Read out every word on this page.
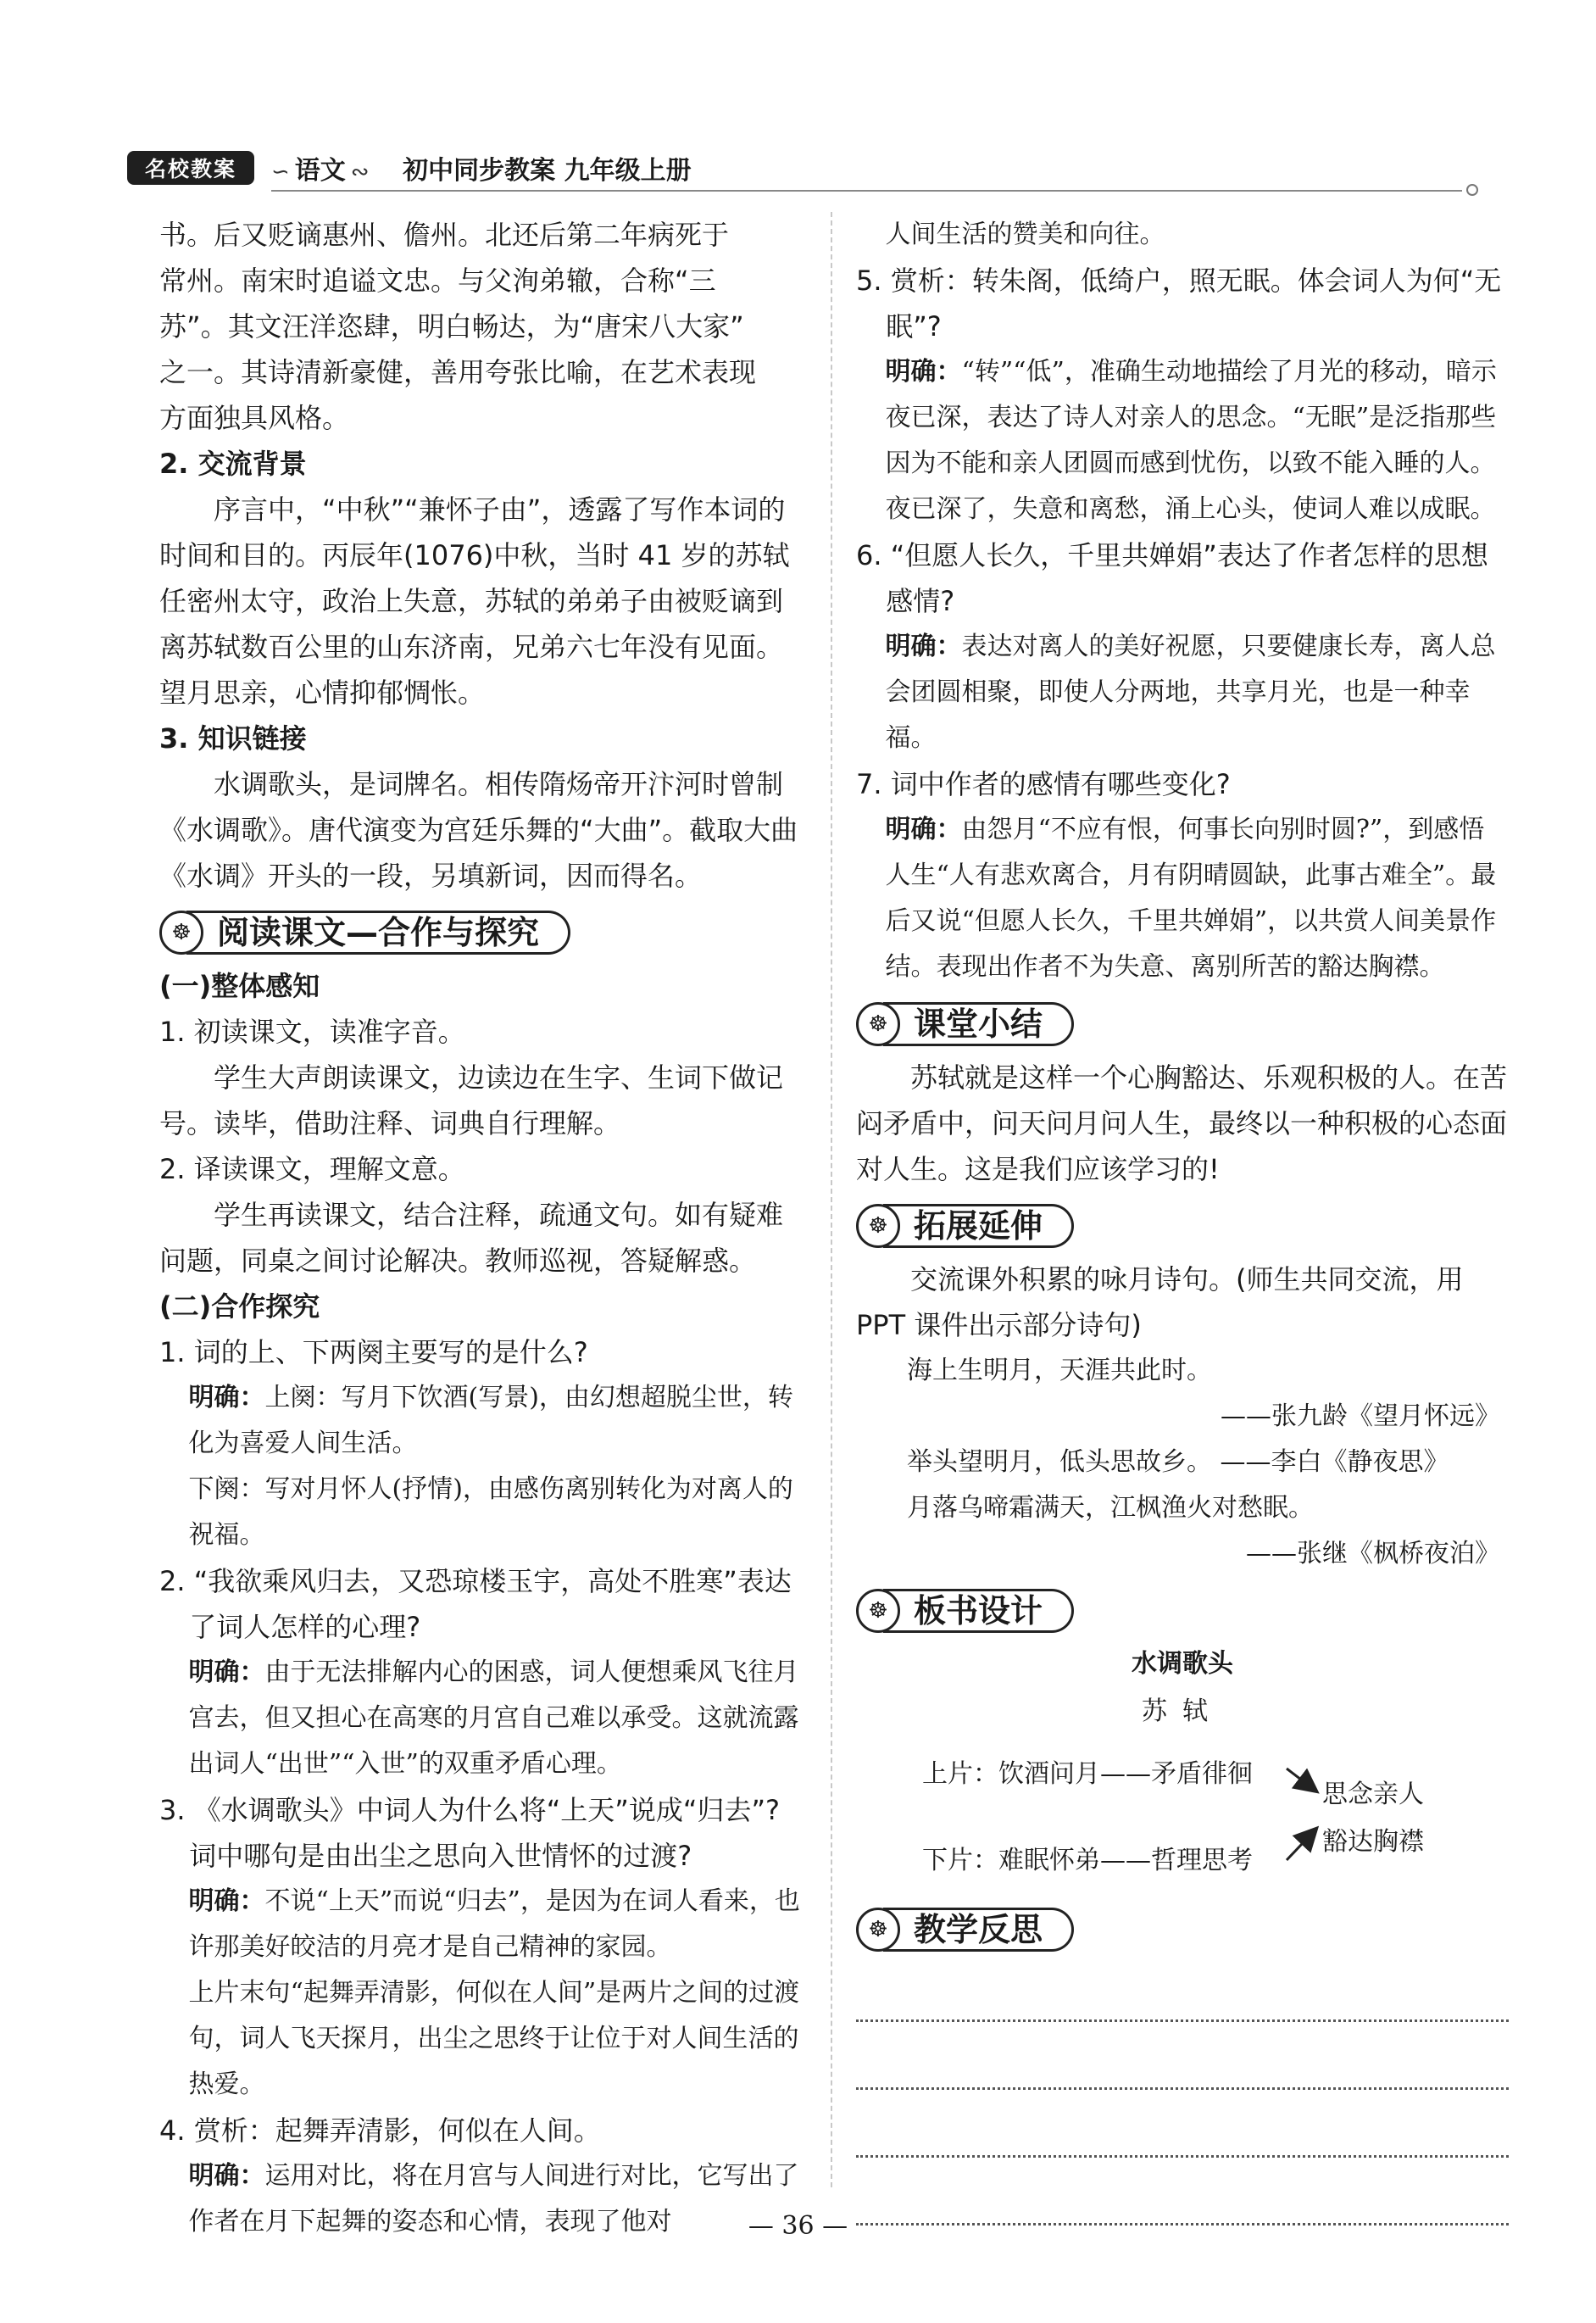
名校教案	∽ 语文 ∾ 初中同步教案 九年级上册

书。后又贬谪惠州、儋州。北还后第二年病死于

常州。南宋时追谥文忠。与父洵弟辙，合称“三

苏”。其文汪洋恣肆，明白畅达，为“唐宋八大家”

之一。其诗清新豪健，善用夸张比喻，在艺术表现

方面独具风格。

2. 交流背景

序言中，“中秋”“兼怀子由”，透露了写作本词的时间和目的。丙辰年(1076)中秋，当时 41 岁的苏轼任密州太守，政治上失意，苏轼的弟弟子由被贬谪到离苏轼数百公里的山东济南，兄弟六七年没有见面。望月思亲，心情抑郁惆怅。

3. 知识链接

水调歌头，是词牌名。相传隋炀帝开汴河时曾制《水调歌》。唐代演变为宫廷乐舞的“大曲”。截取大曲《水调》开头的一段，另填新词，因而得名。

☸ 阅读课文—合作与探究

(一)整体感知

1. 初读课文，读准字音。

学生大声朗读课文，边读边在生字、生词下做记号。读毕，借助注释、词典自行理解。

2. 译读课文，理解文意。

学生再读课文，结合注释，疏通文句。如有疑难问题，同桌之间讨论解决。教师巡视，答疑解惑。

(二)合作探究

1. 词的上、下两阕主要写的是什么?

明确：上阕：写月下饮酒(写景)，由幻想超脱尘世，转化为喜爱人间生活。

下阕：写对月怀人(抒情)，由感伤离别转化为对离人的祝福。

2. “我欲乘风归去，又恐琼楼玉宇，高处不胜寒”表达了词人怎样的心理?

明确：由于无法排解内心的困惑，词人便想乘风飞往月宫去，但又担心在高寒的月宫自己难以承受。这就流露出词人“出世”“入世”的双重矛盾心理。

3. 《水调歌头》中词人为什么将“上天”说成“归去”? 词中哪句是由出尘之思向入世情怀的过渡?

明确：不说“上天”而说“归去”，是因为在词人看来，也许那美好皎洁的月亮才是自己精神的家园。

上片末句“起舞弄清影，何似在人间”是两片之间的过渡句，词人飞天探月，出尘之思终于让位于对人间生活的热爱。

4. 赏析：起舞弄清影，何似在人间。

明确：运用对比，将在月宫与人间进行对比，它写出了作者在月下起舞的姿态和心情，表现了他对

人间生活的赞美和向往。

5. 赏析：转朱阁，低绮户，照无眠。体会词人为何“无眠”?

明确：“转”“低”，准确生动地描绘了月光的移动，暗示夜已深，表达了诗人对亲人的思念。“无眠”是泛指那些因为不能和亲人团圆而感到忧伤，以致不能入睡的人。

夜已深了，失意和离愁，涌上心头，使词人难以成眠。

6. “但愿人长久，千里共婵娟”表达了作者怎样的思想感情?

明确：表达对离人的美好祝愿，只要健康长寿，离人总会团圆相聚，即使人分两地，共享月光，也是一种幸福。

7. 词中作者的感情有哪些变化?

明确：由怨月“不应有恨，何事长向别时圆?”，到感悟人生“人有悲欢离合，月有阴晴圆缺，此事古难全”。最后又说“但愿人长久，千里共婵娟”，以共赏人间美景作结。表现出作者不为失意、离别所苦的豁达胸襟。

☸ 课堂小结

苏轼就是这样一个心胸豁达、乐观积极的人。在苦闷矛盾中，问天问月问人生，最终以一种积极的心态面对人生。这是我们应该学习的!

☸ 拓展延伸

交流课外积累的咏月诗句。(师生共同交流，用 PPT 课件出示部分诗句)

海上生明月，天涯共此时。

——张九龄《望月怀远》

举头望明月，低头思故乡。 ——李白《静夜思》

月落乌啼霜满天，江枫渔火对愁眠。

——张继《枫桥夜泊》

☸ 板书设计
水调歌头
苏轼
上片：饮酒问月——矛盾徘徊
下片：难眠怀弟——哲理思考
思念亲人
豁达胸襟
☸ 教学反思
— 36 —
